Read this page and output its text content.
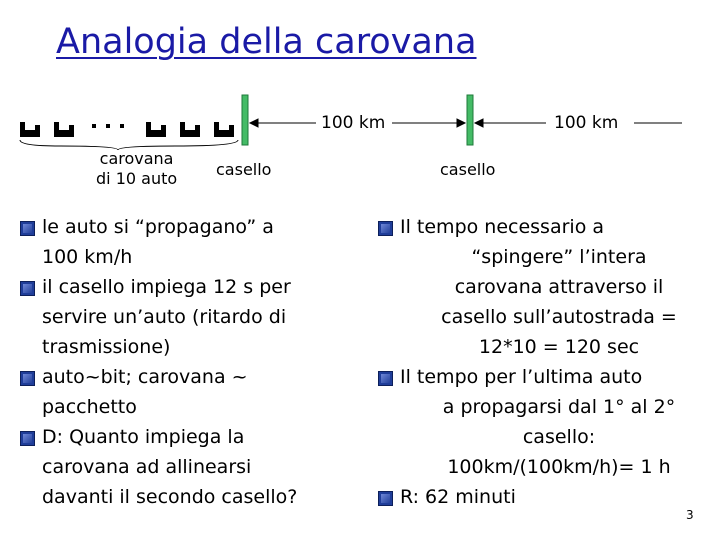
Analogia della carovana
carovana
di 10 auto casello	casello
100 km	100 km
le auto si “propagano” a
100 km/h
il casello impiega 12 s per
servire un’auto (ritardo di
trasmissione)
auto~bit; carovana ~
pacchetto
D: Quanto impiega la
carovana ad allinearsi
davanti il secondo casello?
Il tempo necessario a
“spingere” l’intera
carovana attraverso il
casello sull’autostrada =
12*10 = 120 sec
Il tempo per l’ultima auto
a propagarsi dal 1° al 2°
casello:
100km/(100km/h)= 1 h
R: 62 minuti
3
